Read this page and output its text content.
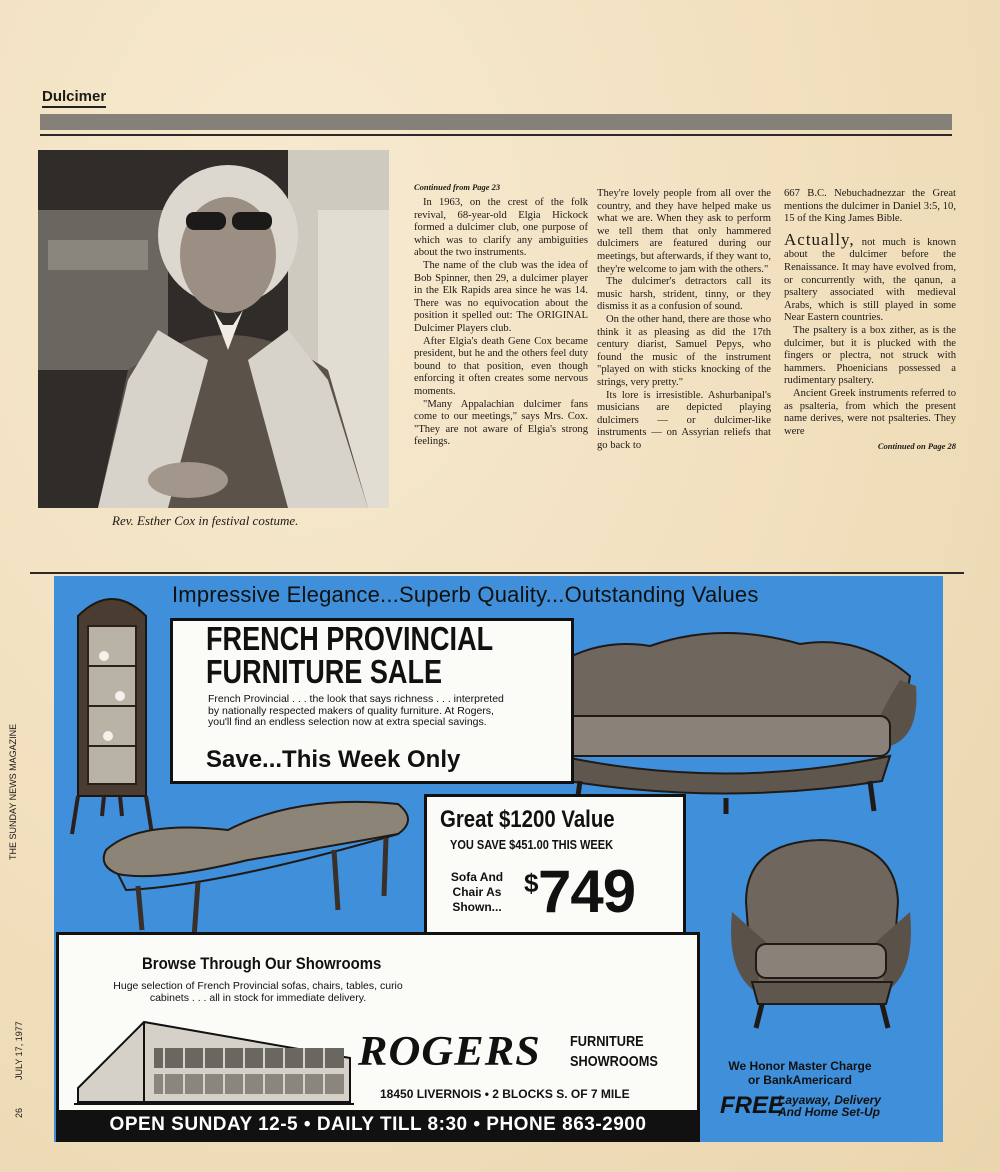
Dulcimer
Rev. Esther Cox in festival costume.
Continued from Page 23

In 1963, on the crest of the folk revival, 68-year-old Elgia Hickock formed a dulcimer club, one purpose of which was to clarify any ambiguities about the two instruments.

The name of the club was the idea of Bob Spinner, then 29, a dulcimer player in the Elk Rapids area since he was 14. There was no equivocation about the position it spelled out: The ORIGINAL Dulcimer Players club.

After Elgia's death Gene Cox became president, but he and the others feel duty bound to that position, even though enforcing it often creates some nervous moments.

"Many Appalachian dulcimer fans come to our meetings," says Mrs. Cox. "They are not aware of Elgia's strong feelings.

They're lovely people from all over the country, and they have helped make us what we are. When they ask to perform we tell them that only hammered dulcimers are featured during our meetings, but afterwards, if they want to, they're welcome to jam with the others."

The dulcimer's detractors call its music harsh, strident, tinny, or they dismiss it as a confusion of sound.

On the other hand, there are those who think it as pleasing as did the 17th century diarist, Samuel Pepys, who found the music of the instrument "played on with sticks knocking of the strings, very pretty."

Its lore is irresistible. Ashurbanipal's musicians are depicted playing dulcimers — or dulcimer-like instruments — on Assyrian reliefs that go back to

667 B.C. Nebuchadnezzar the Great mentions the dulcimer in Daniel 3:5, 10, 15 of the King James Bible.

Actually, not much is known about the dulcimer before the Renaissance. It may have evolved from, or concurrently with, the qanun, a psaltery associated with medieval Arabs, which is still played in some Near Eastern countries.

The psaltery is a box zither, as is the dulcimer, but it is plucked with the fingers or plectra, not struck with hammers. Phoenicians possessed a rudimentary psaltery.

Ancient Greek instruments referred to as psalteria, from which the present name derives, were not psalteries. They were

Continued on Page 28
Impressive Elegance...Superb Quality...Outstanding Values
FRENCH PROVINCIAL
FURNITURE SALE
French Provincial . . . the look that says richness . . . interpreted by nationally respected makers of quality furniture. At Rogers, you'll find an endless selection now at extra special savings.
Save...This Week Only
Great $1200 Value
YOU SAVE $451.00 THIS WEEK
Sofa And Chair As Shown...
$ 749
Browse Through Our Showrooms
Huge selection of French Provincial sofas, chairs, tables, curio cabinets . . . all in stock for immediate delivery.
ROGERS FURNITURE
SHOWROOMS
18450 LIVERNOIS • 2 BLOCKS S. OF 7 MILE
OPEN SUNDAY 12-5 • DAILY TILL 8:30 • PHONE 863-2900
We Honor Master Charge
or BankAmericard
FREE
Layaway, Delivery
And Home Set-Up
THE SUNDAY NEWS MAGAZINE
JULY 17, 1977
26
